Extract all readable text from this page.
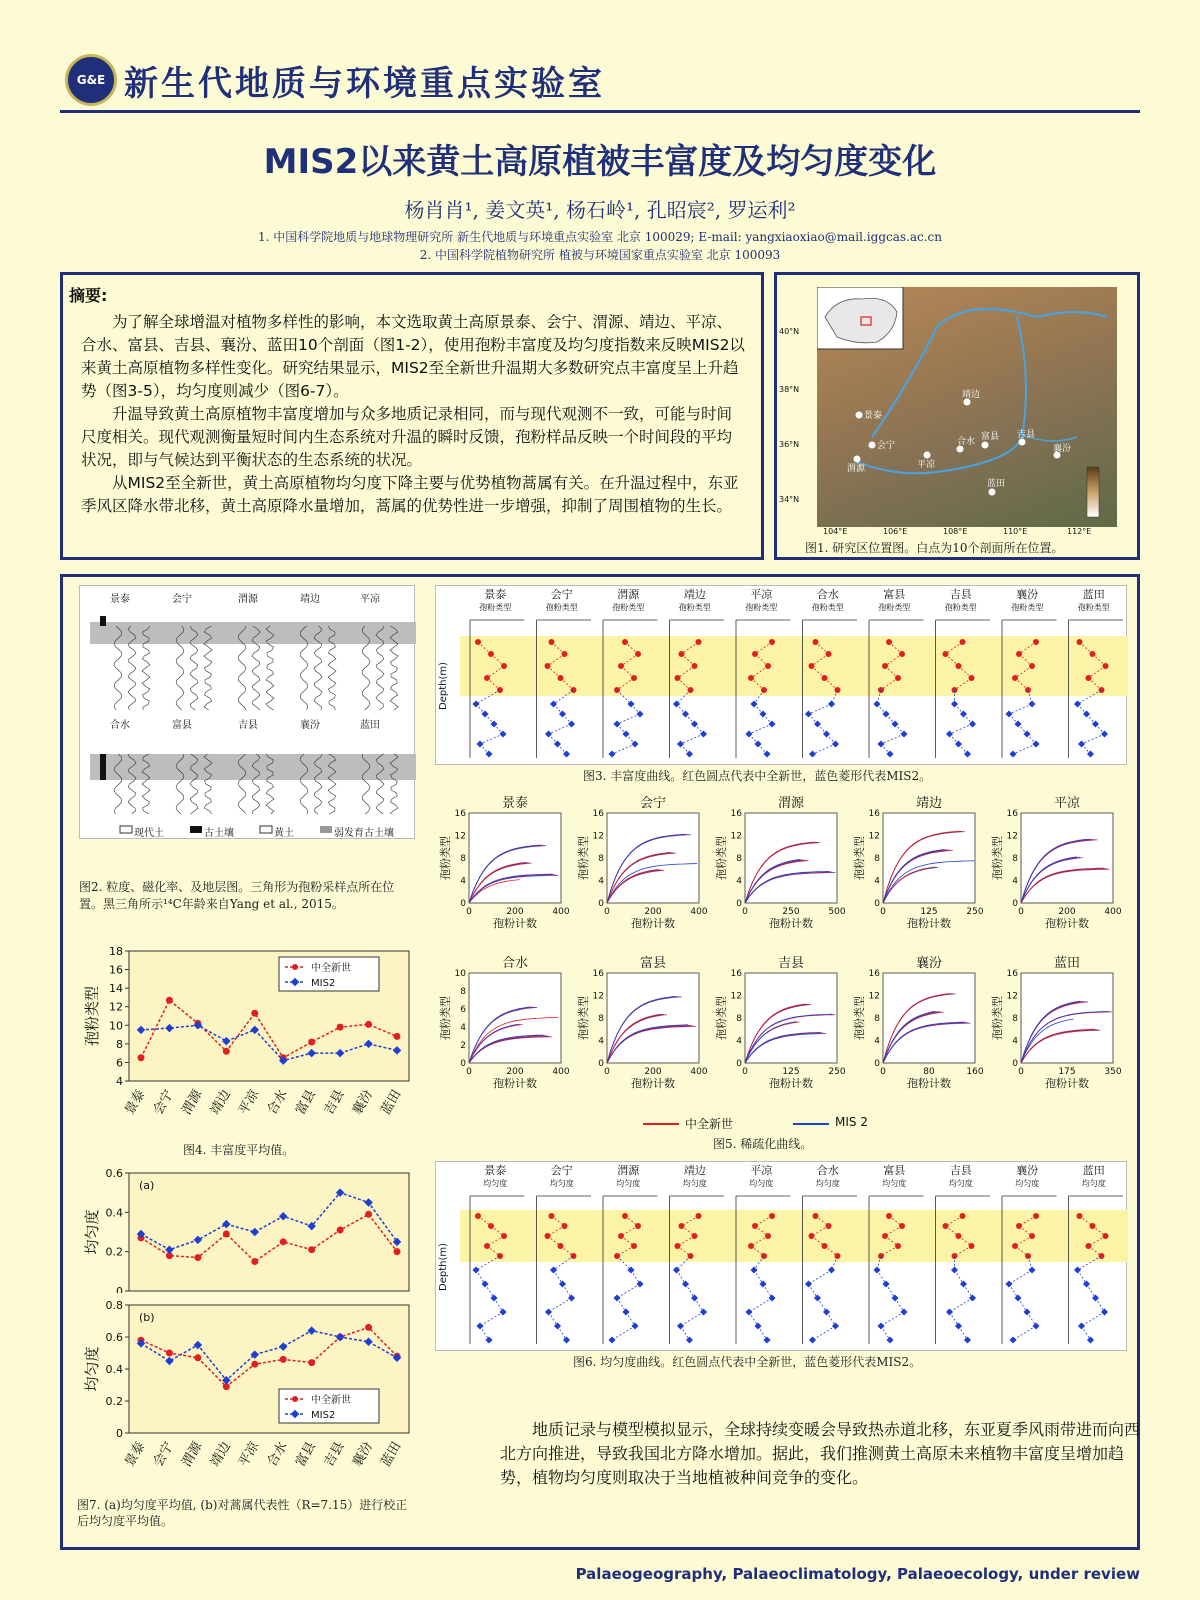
G&E 新生代地质与环境重点实验室
MIS2以来黄土高原植被丰富度及均匀度变化
杨肖肖¹, 姜文英¹, 杨石岭¹, 孔昭宸², 罗运利²
1. 中国科学院地质与地球物理研究所 新生代地质与环境重点实验室 北京 100029; E-mail: yangxiaoxiao@mail.iggcas.ac.cn
2. 中国科学院植物研究所 植被与环境国家重点实验室 北京 100093
摘要:

为了解全球增温对植物多样性的影响，本文选取黄土高原景泰、会宁、渭源、靖边、平凉、合水、富县、吉县、襄汾、蓝田10个剖面（图1-2），使用孢粉丰富度及均匀度指数来反映MIS2以来黄土高原植物多样性变化。研究结果显示，MIS2至全新世升温期大多数研究点丰富度呈上升趋势（图3-5），均匀度则减少（图6-7）。

升温导致黄土高原植物丰富度增加与众多地质记录相同，而与现代观测不一致，可能与时间尺度相关。现代观测衡量短时间内生态系统对升温的瞬时反馈，孢粉样品反映一个时间段的平均状况，即与气候达到平衡状态的生态系统的状况。

从MIS2至全新世，黄土高原植物均匀度下降主要与优势植物蒿属有关。在升温过程中，东亚季风区降水带北移，黄土高原降水量增加，蒿属的优势性进一步增强，抑制了周围植物的生长。

景泰
会宁
渭源
靖边
平凉
合水 富县 吉县
襄汾
蓝田
40°N
38°N
36°N
34°N
104°E	106°E	108°E	110°E	112°E
图1. 研究区位置图。白点为10个剖面所在位置。
景泰	会宁	渭源	靖边	平凉
合水	富县	吉县	襄汾	蓝田
现代土	古土壤	黄土	弱发育古土壤
图2. 粒度、磁化率、及地层图。三角形为孢粉采样点所在位置。黑三角所示¹⁴C年龄来自Yang et al., 2015。
4
6
8
10
12
14
16
18
孢粉类型
景泰 会宁 渭源 靖边 平凉 合水 富县 吉县 襄汾 蓝田
中全新世
MIS2
图4. 丰富度平均值。
0
0.2
0.4
0.6
均匀度
(a)
0
0.2
0.4
0.6
0.8
均匀度
(b)
景泰 会宁 渭源 靖边 平凉 合水 富县 吉县 襄汾 蓝田
中全新世
MIS2
图7. (a)均匀度平均值, (b)对蒿属代表性（R=7.15）进行校正后均匀度平均值。
Depth(m)
景泰
孢粉类型
会宁
孢粉类型
渭源
孢粉类型
靖边
孢粉类型
平凉
孢粉类型
合水
孢粉类型
富县
孢粉类型
吉县
孢粉类型
襄汾
孢粉类型
蓝田
孢粉类型
图3. 丰富度曲线。红色圆点代表中全新世，蓝色菱形代表MIS2。
景泰
0
4
8
12
16
0	200	400
孢粉类型
孢粉计数
会宁
0
4
8
12
16
0	200	400
孢粉类型
孢粉计数
渭源
0
4
8
12
16
0	250	500
孢粉类型
孢粉计数
靖边
0
4
8
12
16
0	125	250
孢粉类型
孢粉计数
平凉
0
4
8
12
16
0	200	400
孢粉类型
孢粉计数
合水
0
2
4
6
8
10
0	200	400
孢粉类型
孢粉计数
富县
0
4
8
12
16
0	200	400
孢粉类型
孢粉计数
吉县
0
4
8
12
16
0	125	250
孢粉类型
孢粉计数
襄汾
0
4
8
12
16
0	80	160
孢粉类型
孢粉计数
蓝田
0
4
8
12
16
0	175	350
孢粉类型
孢粉计数
中全新世	MIS 2
图5. 稀疏化曲线。
Depth(m)
景泰
均匀度
会宁
均匀度
渭源
均匀度
靖边
均匀度
平凉
均匀度
合水
均匀度
富县
均匀度
吉县
均匀度
襄汾
均匀度
蓝田
均匀度
图6. 均匀度曲线。红色圆点代表中全新世，蓝色菱形代表MIS2。
地质记录与模型模拟显示，全球持续变暖会导致热赤道北移，东亚夏季风雨带进而向西北方向推进，导致我国北方降水增加。据此，我们推测黄土高原未来植物丰富度呈增加趋势，植物均匀度则取决于当地植被种间竞争的变化。
Palaeogeography, Palaeoclimatology, Palaeoecology, under review
